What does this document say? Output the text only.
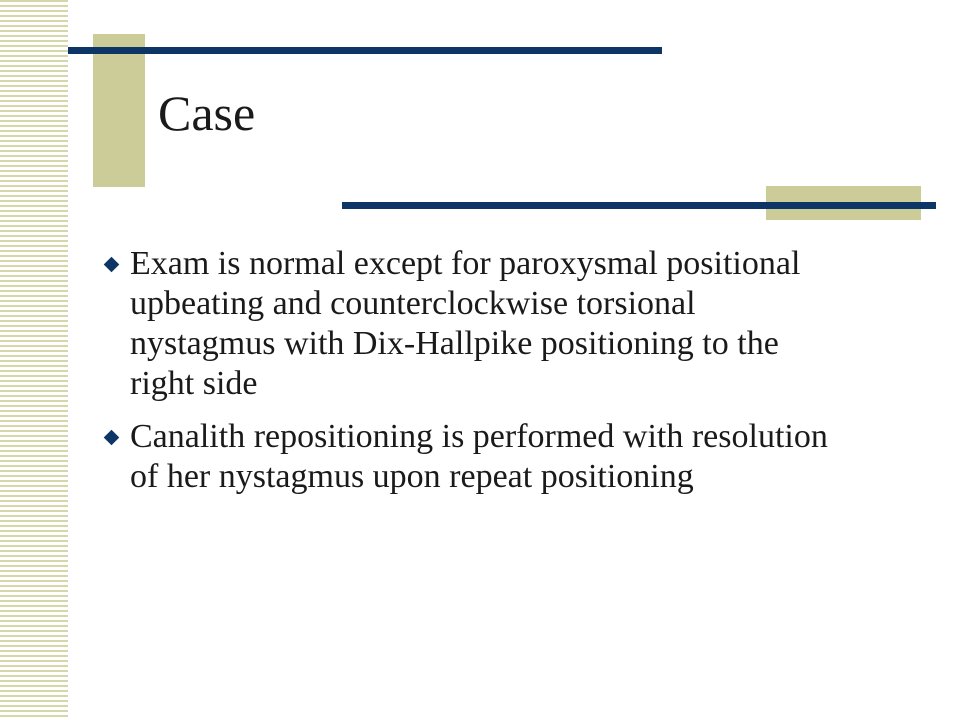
Case
Exam is normal except for paroxysmal positional upbeating and counterclockwise torsional nystagmus with Dix-Hallpike positioning to the right side
Canalith repositioning is performed with resolution of her nystagmus upon repeat positioning
